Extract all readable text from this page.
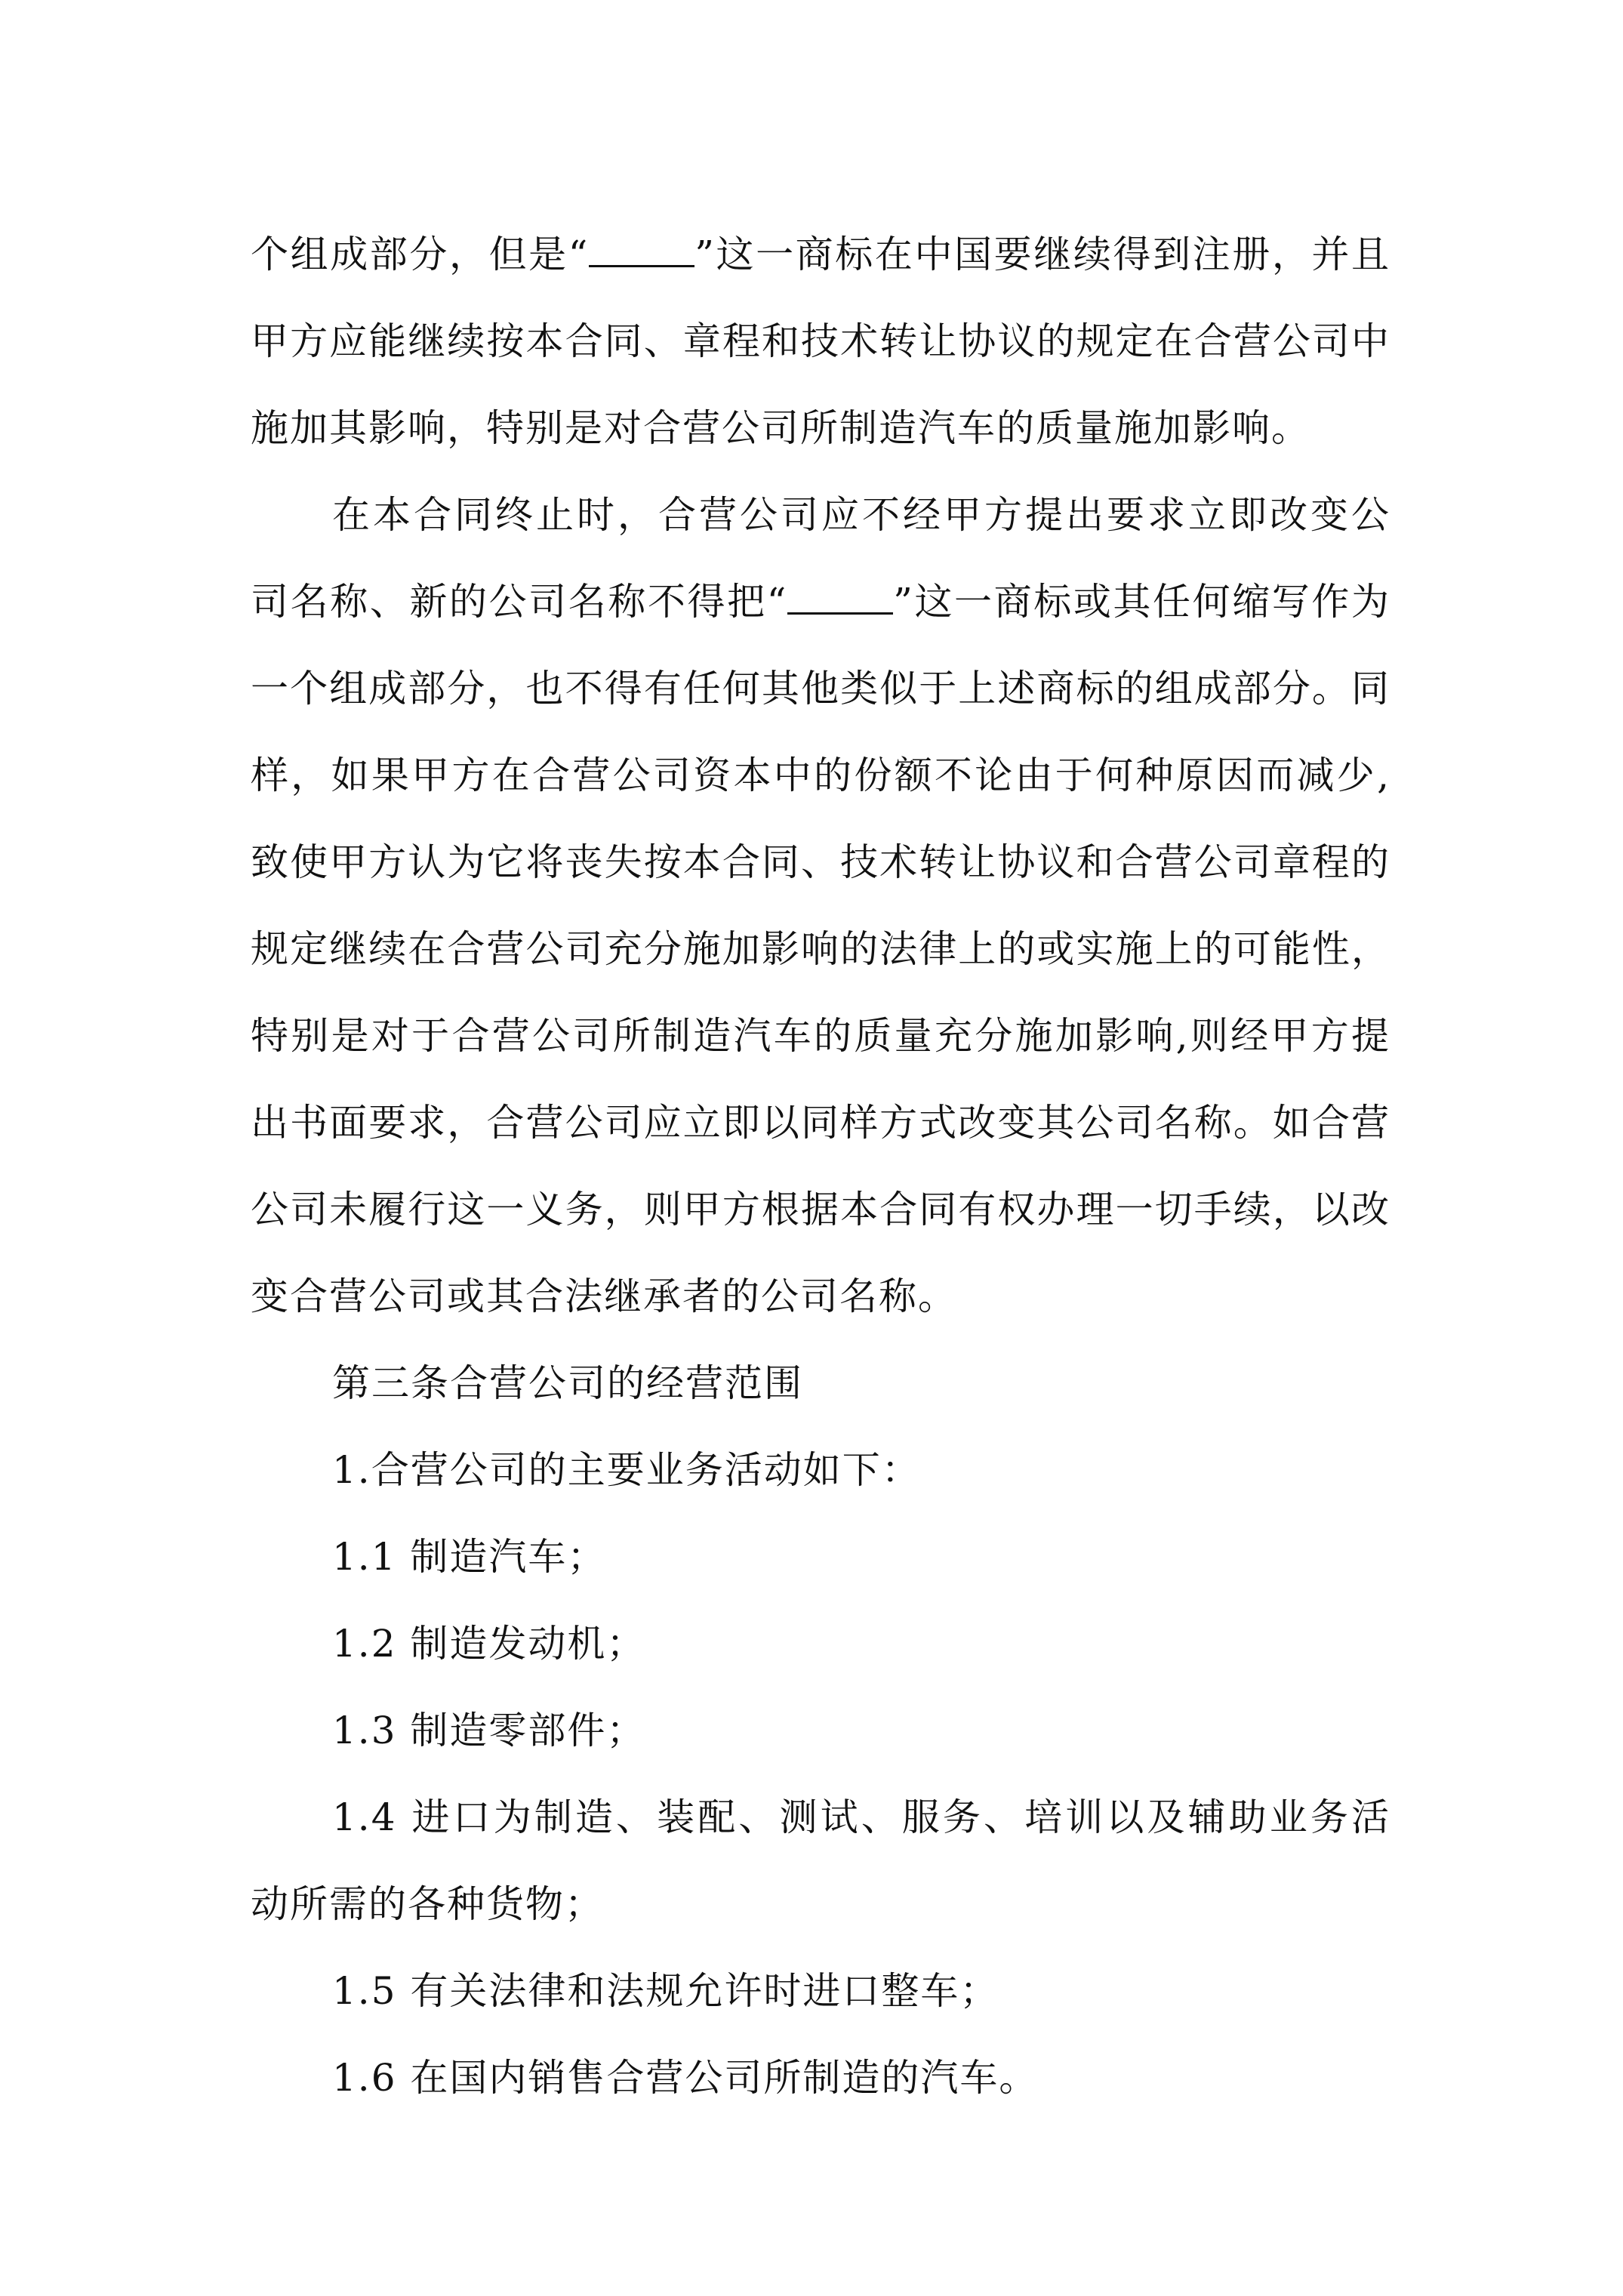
个组成部分，但是“	”这一商标在中国要继续得到注册，并且甲方应能继续按本合同、章程和技术转让协议的规定在合营公司中施加其影响，特别是对合营公司所制造汽车的质量施加影响。

在本合同终止时，合营公司应不经甲方提出要求立即改变公司名称、新的公司名称不得把“	”这一商标或其任何缩写作为一个组成部分，也不得有任何其他类似于上述商标的组成部分。同样，如果甲方在合营公司资本中的份额不论由于何种原因而减少,致使甲方认为它将丧失按本合同、技术转让协议和合营公司章程的规定继续在合营公司充分施加影响的法律上的或实施上的可能性，特别是对于合营公司所制造汽车的质量充分施加影响,则经甲方提出书面要求，合营公司应立即以同样方式改变其公司名称。如合营公司未履行这一义务，则甲方根据本合同有权办理一切手续，以改变合营公司或其合法继承者的公司名称。

第三条合营公司的经营范围

1.合营公司的主要业务活动如下：

1.1 制造汽车；

1.2 制造发动机；

1.3 制造零部件；

1.4 进口为制造、装配、测试、服务、培训以及辅助业务活动所需的各种货物；

1.5 有关法律和法规允许时进口整车；

1.6 在国内销售合营公司所制造的汽车。
